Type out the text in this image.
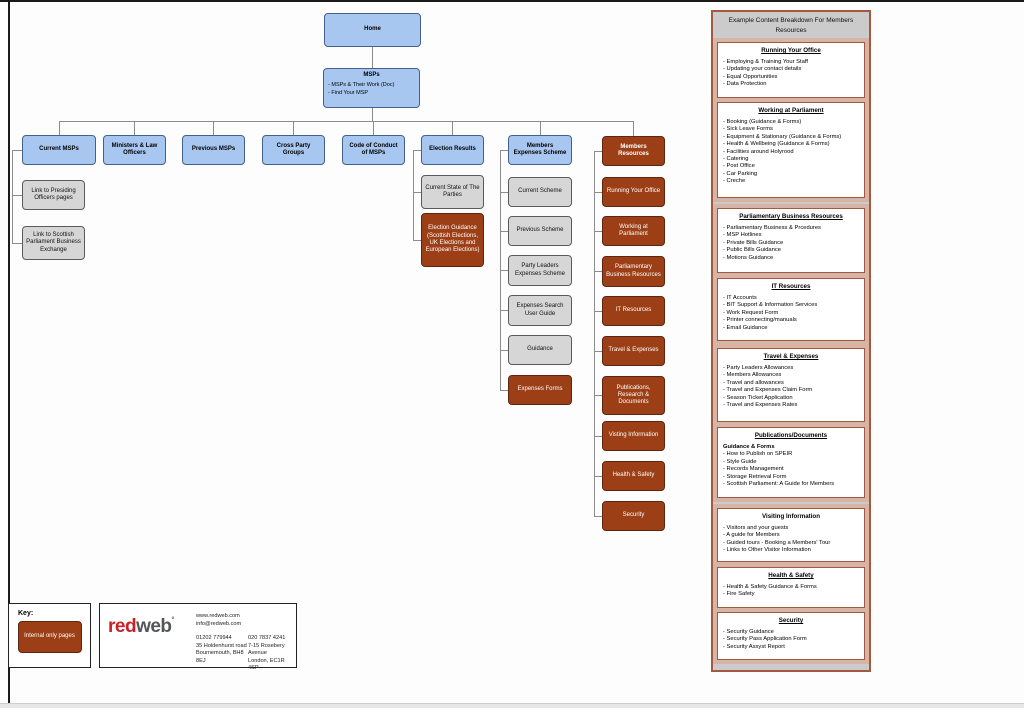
Home
MSPs
- MSPs & Their Work (Doc)
- Find Your MSP
Current MSPs
Ministers & Law Officers
Previous MSPs
Cross Party Groups
Code of Conduct of MSPs
Election Results
Members Expenses Scheme
Members Resources
Link to Presiding Officers pages
Link to Scottish Parliament Business Exchange
Current State of The Parties
Election Guidance (Scottish Elections, UK Elections and European Elections)
Current Scheme
Previous Scheme
Party Leaders Expenses Scheme
Expenses Search User Guide
Guidance
Expenses Forms
Running Your Office
Working at Parliament
Parliamentary Business Resources
IT Resources
Travel & Expenses
Publications, Research & Documents
Visting Information
Health & Safety
Security
Example Content Breakdown For Members Resources
Running Your Office
- Employing & Training Your Staff
- Updating your contact details
- Equal Opportunities
- Data Protection
Working at Parliament
- Booking (Guidance & Forms)
- Sick Leave Forms
- Equipment & Stationary (Guidance & Forms)
- Health & Wellbeing (Guidance & Forms)
- Facilities around Holyrood
- Catering
- Post Office
- Car Parking
- Creche
Parliamentary Business Resources
- Parliamentary Business & Prcedures
- MSP Hotlines
- Private Bills Guidance
- Public Bills Guidance
- Motions Guidance
IT Resources
- IT Accounts
- BIT Support & Information Services
- Work Request Form
- Printer connecting/manuals
- Email Guidance
Travel & Expenses
- Party Leaders Allowances
- Members Allowances
- Travel and allowances
- Travel and Expenses Claim Form
- Season Ticket Application
- Travel and Expenses Rates
Publications/Documents
Guidance & Forms
- How to Publish on SPEIR
- Style Guide
- Records Management
- Storage Retrieval Form
- Scottish Parliament: A Guide for Members
Visiting Information
- Visitors and your guests
- A guide for Members
- Guided tours - Booking a Members' Tour
- Links to Other Visitor Information
Health & Safety
- Health & Safety Guidance & Forms
- Fire Safety
Security
- Security Guidance
- Security Pass Application Form
- Security Assyst Report
Key:
Internal only pages red web °
www.redweb.com
info@redweb.com
01202 779944
35 Holdenhurst road
Bournemouth, BH8
8EJ
020 7837 4241
7-15 Rosebery
Avenue
London, EC1R 4SP
